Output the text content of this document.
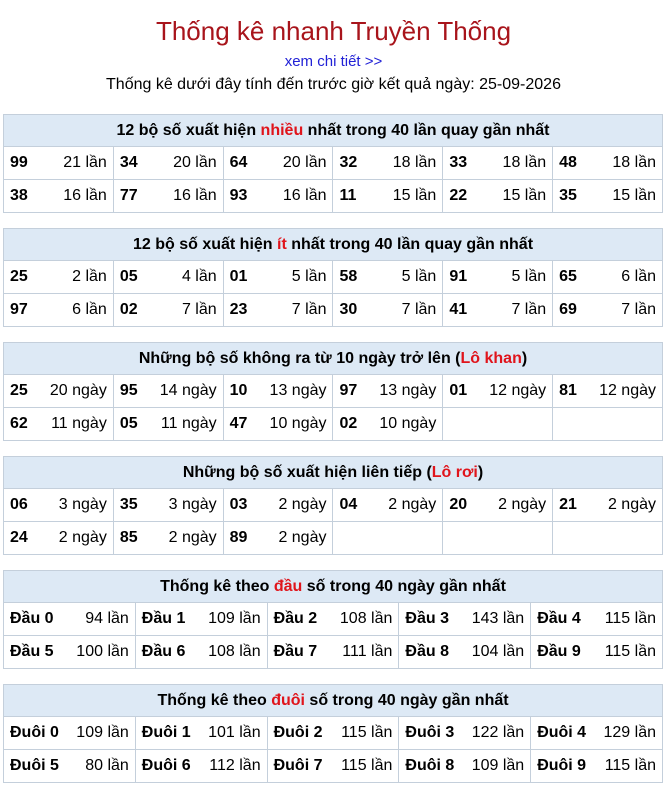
Thống kê nhanh Truyền Thống
xem chi tiết >>
Thống kê dưới đây tính đến trước giờ kết quả ngày: 25-09-2026
12 bộ số xuất hiện nhiều nhất trong 40 lần quay gần nhất
99 21 lần	34 20 lần	64 20 lần	32 18 lần	33 18 lần	48 18 lần

38 16 lần	77 16 lần	93 16 lần	11 15 lần	22 15 lần	35 15 lần
12 bộ số xuất hiện ít nhất trong 40 lần quay gần nhất
25 2 lần	05 4 lần	01 5 lần	58 5 lần	91 5 lần	65 6 lần

97 6 lần	02 7 lần	23 7 lần	30 7 lần	41 7 lần	69 7 lần
Những bộ số không ra từ 10 ngày trở lên (Lô khan)
25 20 ngày	95 14 ngày	10 13 ngày	97 13 ngày	01 12 ngày	81 12 ngày

62 11 ngày	05 11 ngày	47 10 ngày	02 10 ngày		

Những bộ số xuất hiện liên tiếp (Lô rơi)
06 3 ngày	35 3 ngày	03 2 ngày	04 2 ngày	20 2 ngày	21 2 ngày

24 2 ngày	85 2 ngày	89 2 ngày			

Thống kê theo đầu số trong 40 ngày gần nhất
Đầu 0 94 lần	Đầu 1 109 lần	Đầu 2 108 lần	Đầu 3 143 lần	Đầu 4 115 lần

Đầu 5 100 lần	Đầu 6 108 lần	Đầu 7 111 lần	Đầu 8 104 lần	Đầu 9 115 lần
Thống kê theo đuôi số trong 40 ngày gần nhất
Đuôi 0 109 lần	Đuôi 1 101 lần	Đuôi 2 115 lần	Đuôi 3 122 lần	Đuôi 4 129 lần

Đuôi 5 80 lần	Đuôi 6 112 lần	Đuôi 7 115 lần	Đuôi 8 109 lần	Đuôi 9 115 lần
